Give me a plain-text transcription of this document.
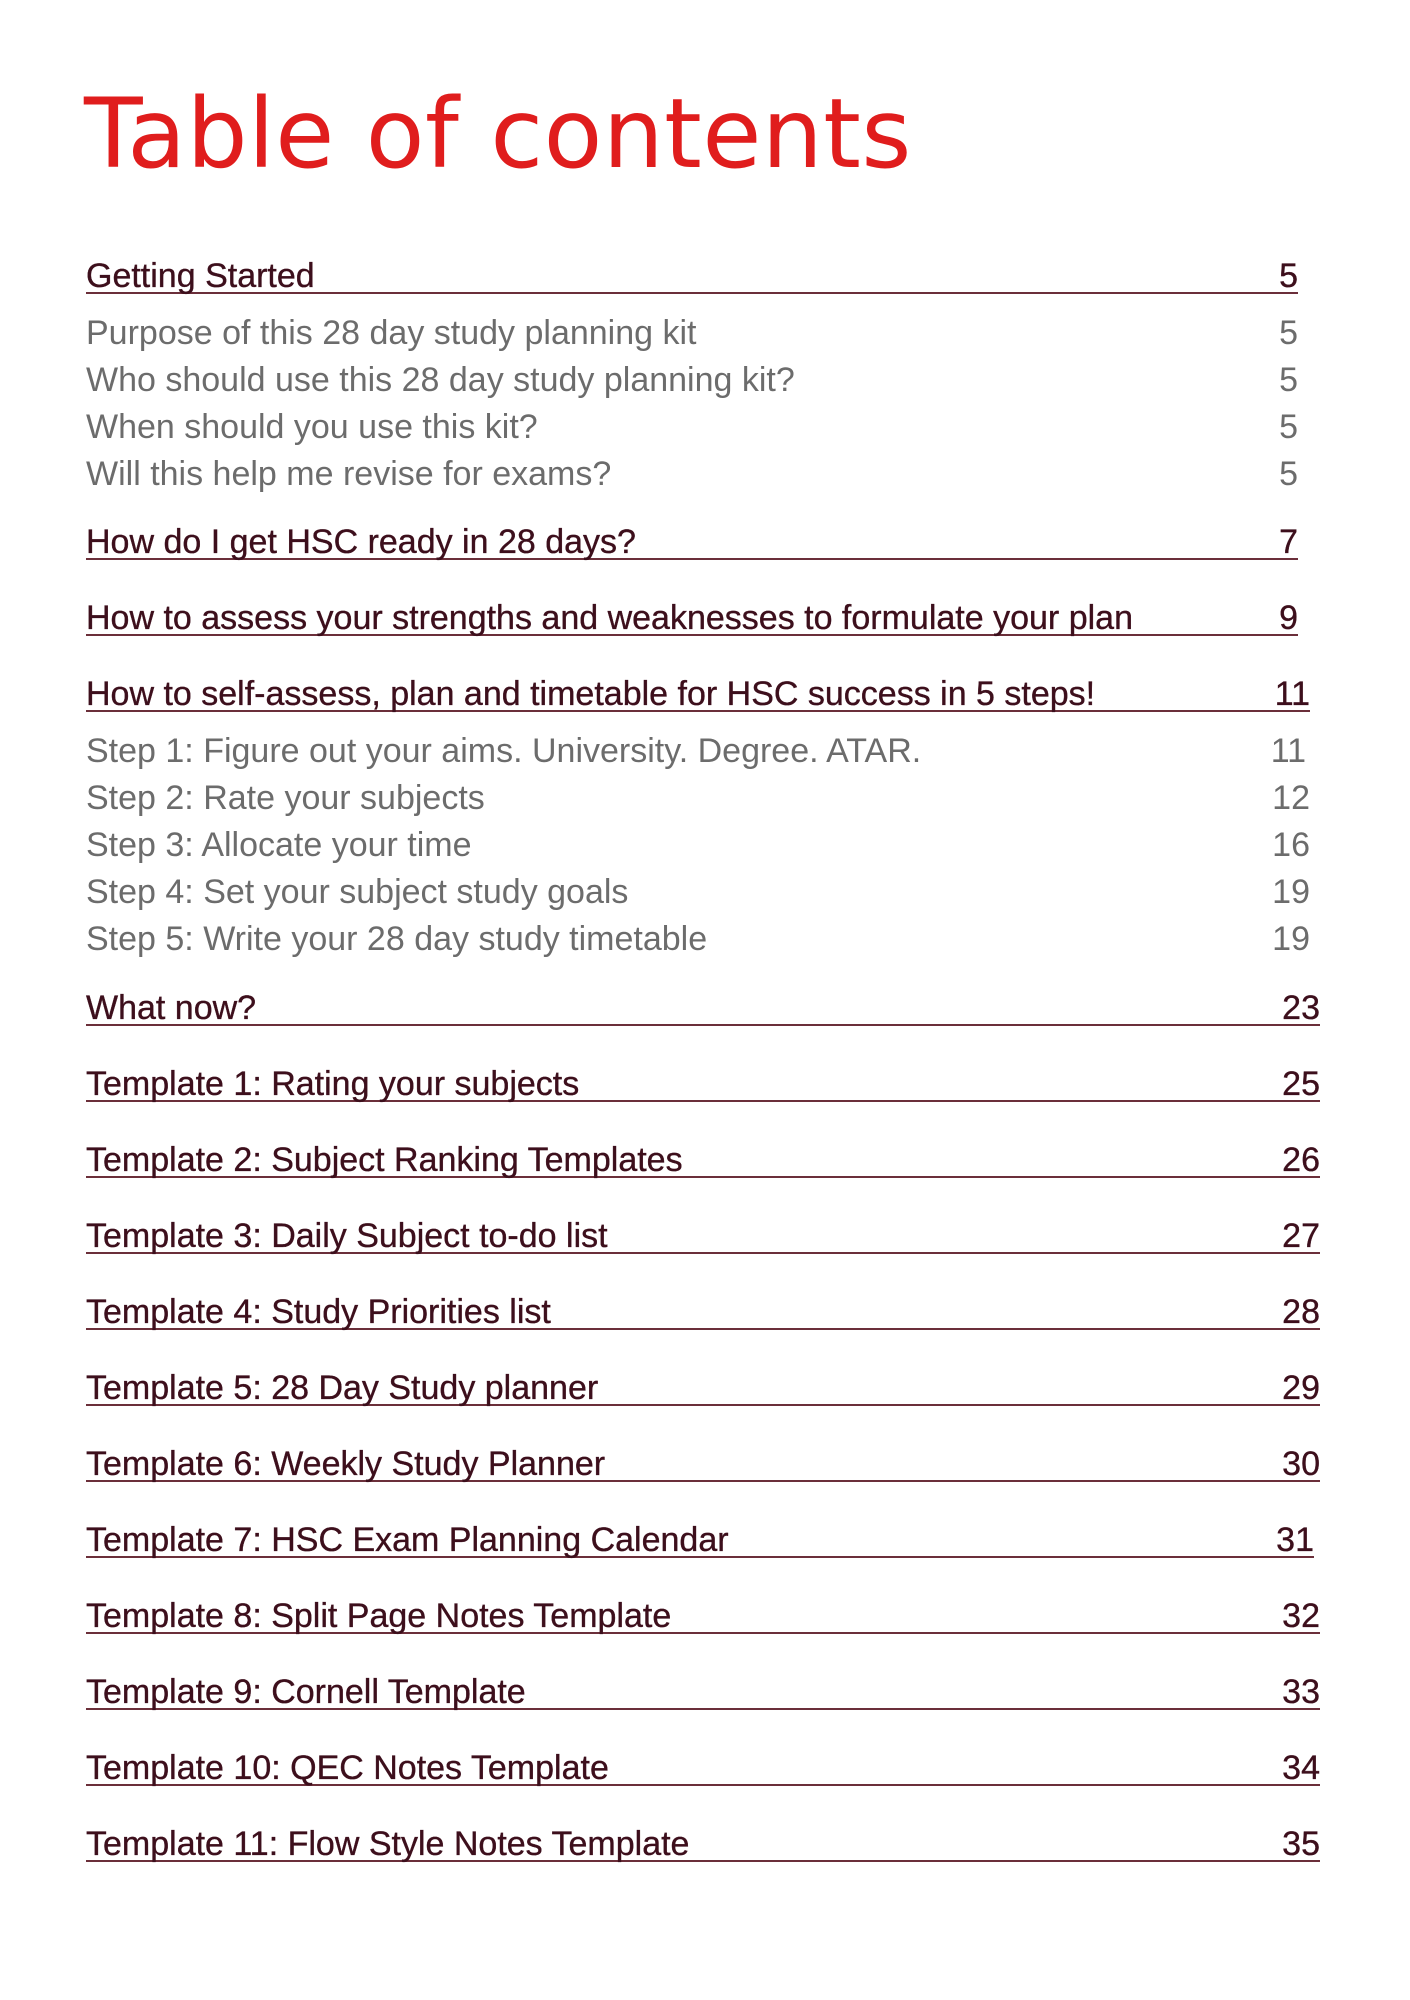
Table of contents
Getting Started	5
Purpose of this 28 day study planning kit	5
Who should use this 28 day study planning kit?	5
When should you use this kit?	5
Will this help me revise for exams?	5
How do I get HSC ready in 28 days?	7
How to assess your strengths and weaknesses to formulate your plan	9
How to self-assess, plan and timetable for HSC success in 5 steps!	11
Step 1: Figure out your aims. University. Degree. ATAR.	11
Step 2: Rate your subjects	12
Step 3: Allocate your time	16
Step 4: Set your subject study goals	19
Step 5: Write your 28 day study timetable	19
What now?	23
Template 1: Rating your subjects	25
Template 2: Subject Ranking Templates	26
Template 3: Daily Subject to-do list	27
Template 4: Study Priorities list	28
Template 5: 28 Day Study planner	29
Template 6: Weekly Study Planner	30
Template 7: HSC Exam Planning Calendar	31
Template 8: Split Page Notes Template	32
Template 9: Cornell Template	33
Template 10: QEC Notes Template	34
Template 11: Flow Style Notes Template	35
